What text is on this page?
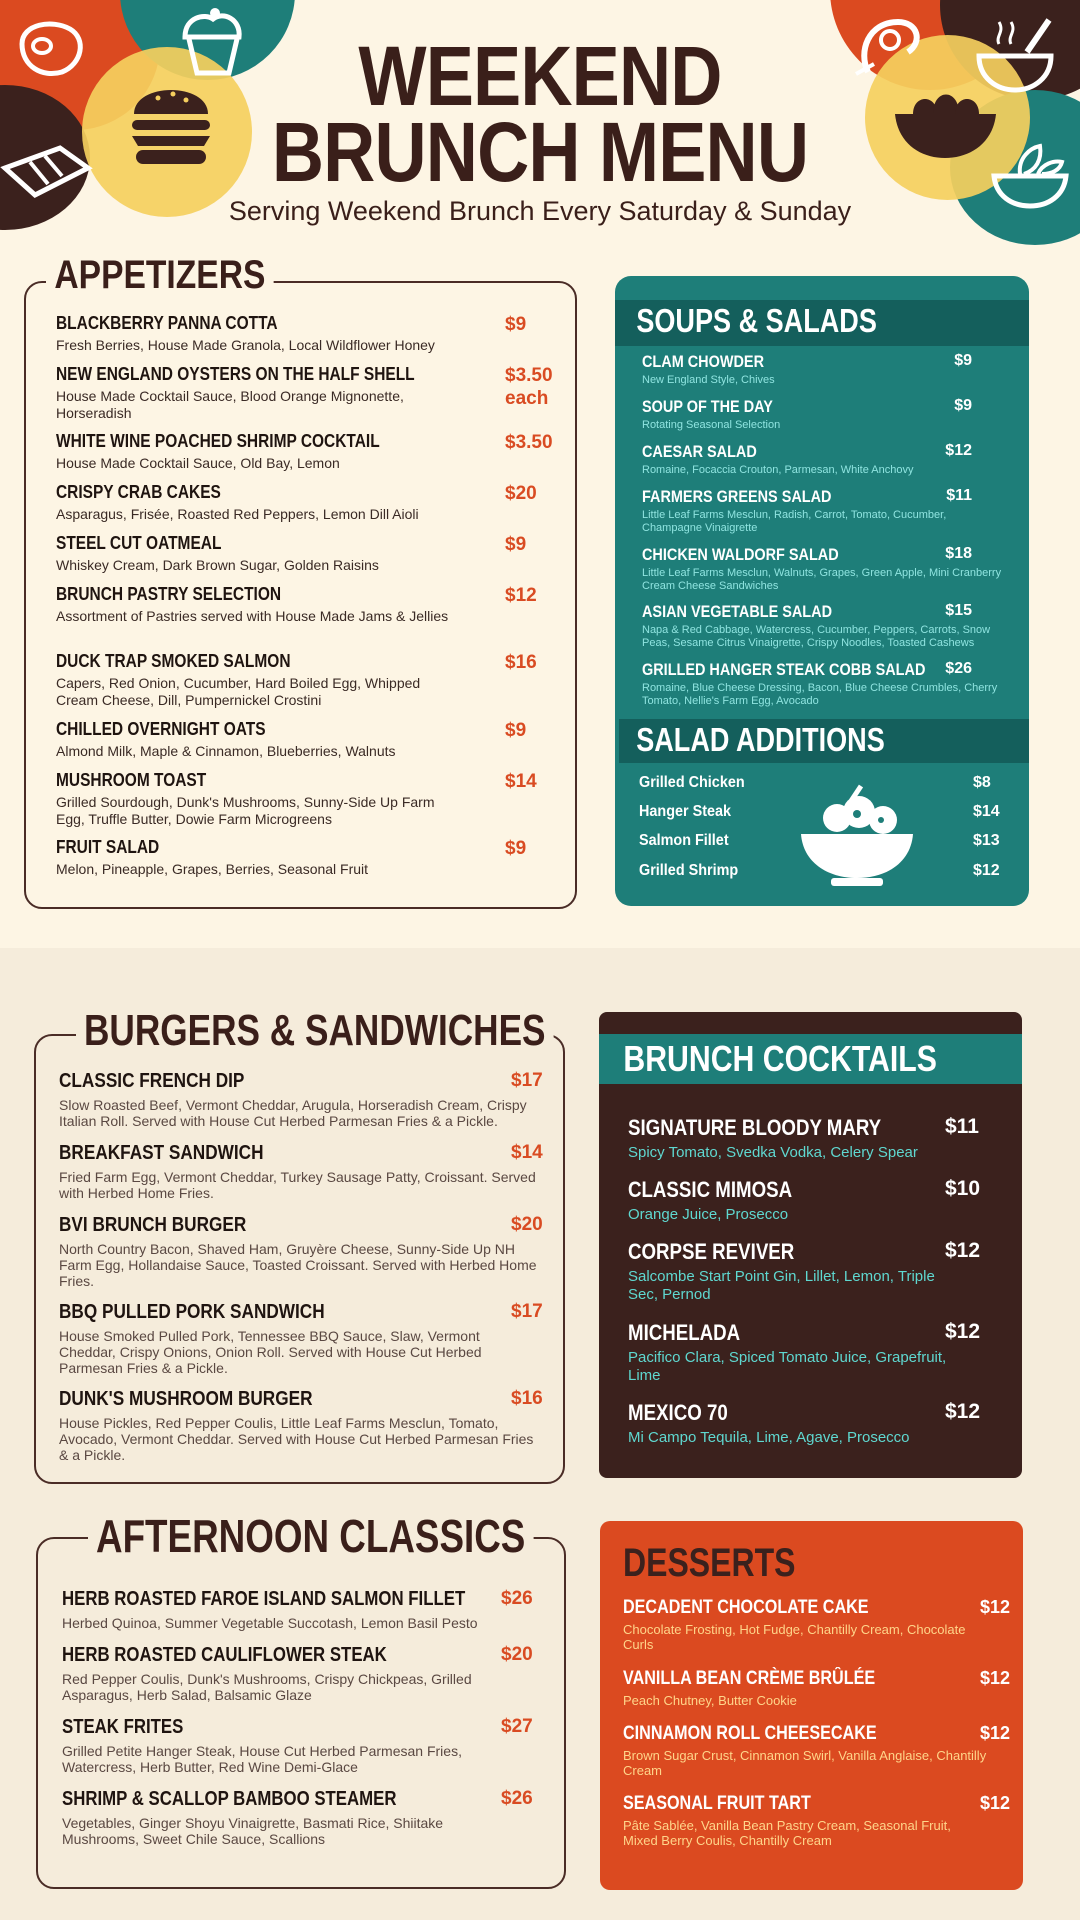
WEEKEND
BRUNCH MENU
Serving Weekend Brunch Every Saturday & Sunday
APPETIZERS
BLACKBERRY PANNA COTTA
Fresh Berries, House Made Granola, Local Wildflower Honey
$9
NEW ENGLAND OYSTERS ON THE HALF SHELL
House Made Cocktail Sauce, Blood Orange Mignonette, Horseradish
$3.50
each
WHITE WINE POACHED SHRIMP COCKTAIL
House Made Cocktail Sauce, Old Bay, Lemon
$3.50
CRISPY CRAB CAKES
Asparagus, Frisée, Roasted Red Peppers, Lemon Dill Aioli
$20
STEEL CUT OATMEAL
Whiskey Cream, Dark Brown Sugar, Golden Raisins
$9
BRUNCH PASTRY SELECTION
Assortment of Pastries served with House Made Jams & Jellies
$12
DUCK TRAP SMOKED SALMON
Capers, Red Onion, Cucumber, Hard Boiled Egg, Whipped Cream Cheese, Dill, Pumpernickel Crostini
$16
CHILLED OVERNIGHT OATS
Almond Milk, Maple & Cinnamon, Blueberries, Walnuts
$9
MUSHROOM TOAST
Grilled Sourdough, Dunk's Mushrooms, Sunny-Side Up Farm Egg, Truffle Butter, Dowie Farm Microgreens
$14
FRUIT SALAD
Melon, Pineapple, Grapes, Berries, Seasonal Fruit
$9
SOUPS & SALADS
CLAM CHOWDER
New England Style, Chives
$9
SOUP OF THE DAY
Rotating Seasonal Selection
$9
CAESAR SALAD
Romaine, Focaccia Crouton, Parmesan, White Anchovy
$12
FARMERS GREENS SALAD
Little Leaf Farms Mesclun, Radish, Carrot, Tomato, Cucumber, Champagne Vinaigrette
$11
CHICKEN WALDORF SALAD
Little Leaf Farms Mesclun, Walnuts, Grapes, Green Apple, Mini Cranberry Cream Cheese Sandwiches
$18
ASIAN VEGETABLE SALAD
Napa & Red Cabbage, Watercress, Cucumber, Peppers, Carrots, Snow Peas, Sesame Citrus Vinaigrette, Crispy Noodles, Toasted Cashews
$15
GRILLED HANGER STEAK COBB SALAD
Romaine, Blue Cheese Dressing, Bacon, Blue Cheese Crumbles, Cherry Tomato, Nellie's Farm Egg, Avocado
$26
SALAD ADDITIONS
Grilled Chicken	$8
Hanger Steak	$14
Salmon Fillet	$13
Grilled Shrimp	$12
BURGERS & SANDWICHES
CLASSIC FRENCH DIP
Slow Roasted Beef, Vermont Cheddar, Arugula, Horseradish Cream, Crispy Italian Roll. Served with House Cut Herbed Parmesan Fries & a Pickle.
$17
BREAKFAST SANDWICH
Fried Farm Egg, Vermont Cheddar, Turkey Sausage Patty, Croissant. Served with Herbed Home Fries.
$14
BVI BRUNCH BURGER
North Country Bacon, Shaved Ham, Gruyère Cheese, Sunny-Side Up NH Farm Egg, Hollandaise Sauce, Toasted Croissant. Served with Herbed Home Fries.
$20
BBQ PULLED PORK SANDWICH
House Smoked Pulled Pork, Tennessee BBQ Sauce, Slaw, Vermont Cheddar, Crispy Onions, Onion Roll. Served with House Cut Herbed Parmesan Fries & a Pickle.
$17
DUNK'S MUSHROOM BURGER
House Pickles, Red Pepper Coulis, Little Leaf Farms Mesclun, Tomato, Avocado, Vermont Cheddar. Served with House Cut Herbed Parmesan Fries & a Pickle.
$16
BRUNCH COCKTAILS
SIGNATURE BLOODY MARY
Spicy Tomato, Svedka Vodka, Celery Spear
$11
CLASSIC MIMOSA
Orange Juice, Prosecco
$10
CORPSE REVIVER
Salcombe Start Point Gin, Lillet, Lemon, Triple Sec, Pernod
$12
MICHELADA
Pacifico Clara, Spiced Tomato Juice, Grapefruit, Lime
$12
MEXICO 70
Mi Campo Tequila, Lime, Agave, Prosecco
$12
AFTERNOON CLASSICS
HERB ROASTED FAROE ISLAND SALMON FILLET
Herbed Quinoa, Summer Vegetable Succotash, Lemon Basil Pesto
$26
HERB ROASTED CAULIFLOWER STEAK
Red Pepper Coulis, Dunk's Mushrooms, Crispy Chickpeas, Grilled Asparagus, Herb Salad, Balsamic Glaze
$20
STEAK FRITES
Grilled Petite Hanger Steak, House Cut Herbed Parmesan Fries, Watercress, Herb Butter, Red Wine Demi-Glace
$27
SHRIMP & SCALLOP BAMBOO STEAMER
Vegetables, Ginger Shoyu Vinaigrette, Basmati Rice, Shiitake Mushrooms, Sweet Chile Sauce, Scallions
$26
DESSERTS
DECADENT CHOCOLATE CAKE
Chocolate Frosting, Hot Fudge, Chantilly Cream, Chocolate Curls
$12
VANILLA BEAN CRÈME BRÛLÉE
Peach Chutney, Butter Cookie
$12
CINNAMON ROLL CHEESECAKE
Brown Sugar Crust, Cinnamon Swirl, Vanilla Anglaise, Chantilly Cream
$12
SEASONAL FRUIT TART
Pâte Sablée, Vanilla Bean Pastry Cream, Seasonal Fruit, Mixed Berry Coulis, Chantilly Cream
$12
